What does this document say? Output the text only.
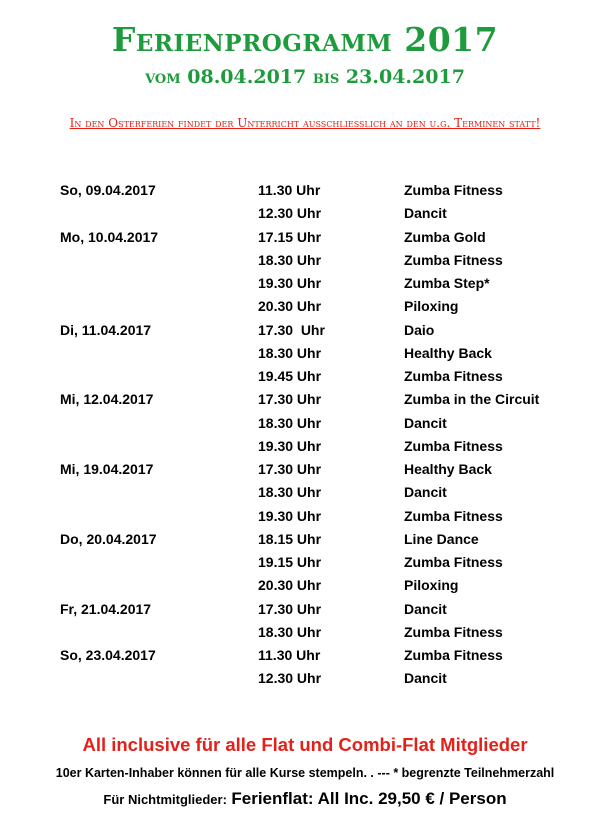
Ferienprogramm 2017
vom 08.04.2017 bis 23.04.2017
In den Osterferien findet der Unterricht ausschliesslich an den u.g. Terminen statt!
So, 09.04.2017	11.30 Uhr	Zumba Fitness
12.30 Uhr	Dancit
Mo, 10.04.2017	17.15 Uhr	Zumba Gold
18.30 Uhr	Zumba Fitness
19.30 Uhr	Zumba Step*
20.30 Uhr	Piloxing
Di, 11.04.2017	17.30  Uhr	Daio
18.30 Uhr	Healthy Back
19.45 Uhr	Zumba Fitness
Mi, 12.04.2017	17.30 Uhr	Zumba in the Circuit
18.30 Uhr	Dancit
19.30 Uhr	Zumba Fitness
Mi, 19.04.2017	17.30 Uhr	Healthy Back
18.30 Uhr	Dancit
19.30 Uhr	Zumba Fitness
Do, 20.04.2017	18.15 Uhr	Line Dance
19.15 Uhr	Zumba Fitness
20.30 Uhr	Piloxing
Fr, 21.04.2017	17.30 Uhr	Dancit
18.30 Uhr	Zumba Fitness
So, 23.04.2017	11.30 Uhr	Zumba Fitness
12.30 Uhr	Dancit
All inclusive für alle Flat und Combi-Flat Mitglieder
10er Karten-Inhaber können für alle Kurse stempeln. . --- * begrenzte Teilnehmerzahl
Für Nichtmitglieder: Ferienflat: All Inc. 29,50 € / Person
